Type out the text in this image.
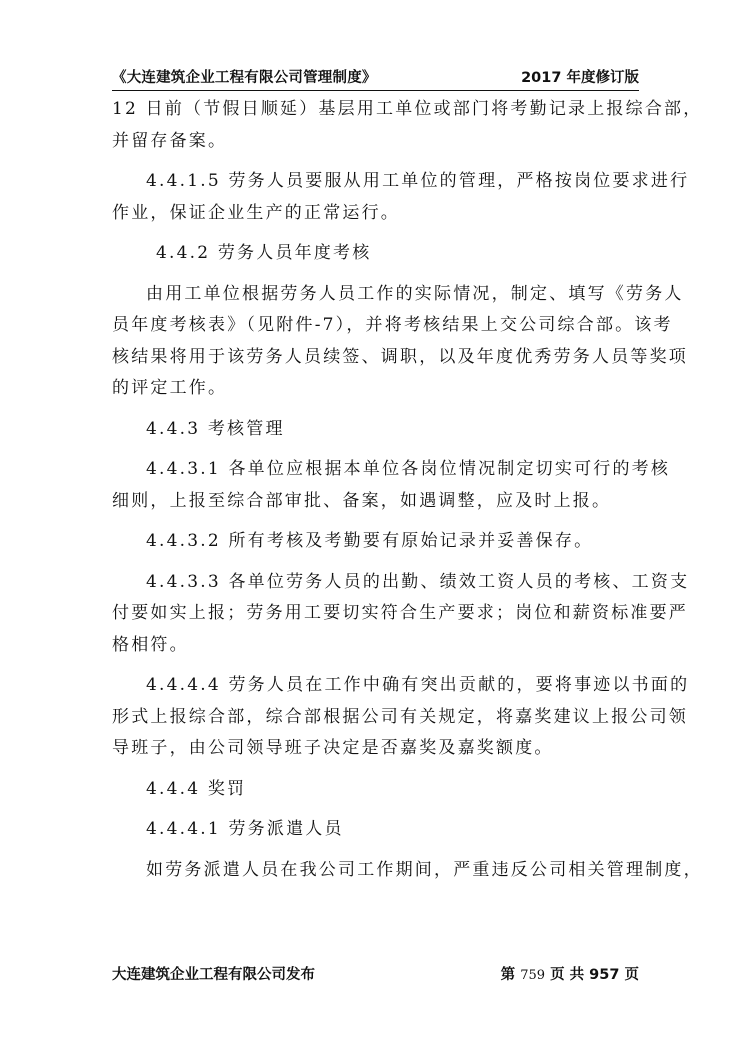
《大连建筑企业工程有限公司管理制度》	2017 年度修订版

12 日前（节假日顺延）基层用工单位或部门将考勤记录上报综合部，

并留存备案。

4.4.1.5 劳务人员要服从用工单位的管理，严格按岗位要求进行

作业，保证企业生产的正常运行。

4.4.2 劳务人员年度考核

由用工单位根据劳务人员工作的实际情况，制定、填写《劳务人

员年度考核表》（见附件-7），并将考核结果上交公司综合部。该考

核结果将用于该劳务人员续签、调职，以及年度优秀劳务人员等奖项

的评定工作。

4.4.3 考核管理

4.4.3.1 各单位应根据本单位各岗位情况制定切实可行的考核

细则，上报至综合部审批、备案，如遇调整，应及时上报。

4.4.3.2 所有考核及考勤要有原始记录并妥善保存。

4.4.3.3 各单位劳务人员的出勤、绩效工资人员的考核、工资支

付要如实上报；劳务用工要切实符合生产要求；岗位和薪资标准要严

格相符。

4.4.4.4 劳务人员在工作中确有突出贡献的，要将事迹以书面的

形式上报综合部，综合部根据公司有关规定，将嘉奖建议上报公司领

导班子，由公司领导班子决定是否嘉奖及嘉奖额度。

4.4.4 奖罚

4.4.4.1 劳务派遣人员

如劳务派遣人员在我公司工作期间，严重违反公司相关管理制度，

大连建筑企业工程有限公司发布	第 759 页 共 957 页
